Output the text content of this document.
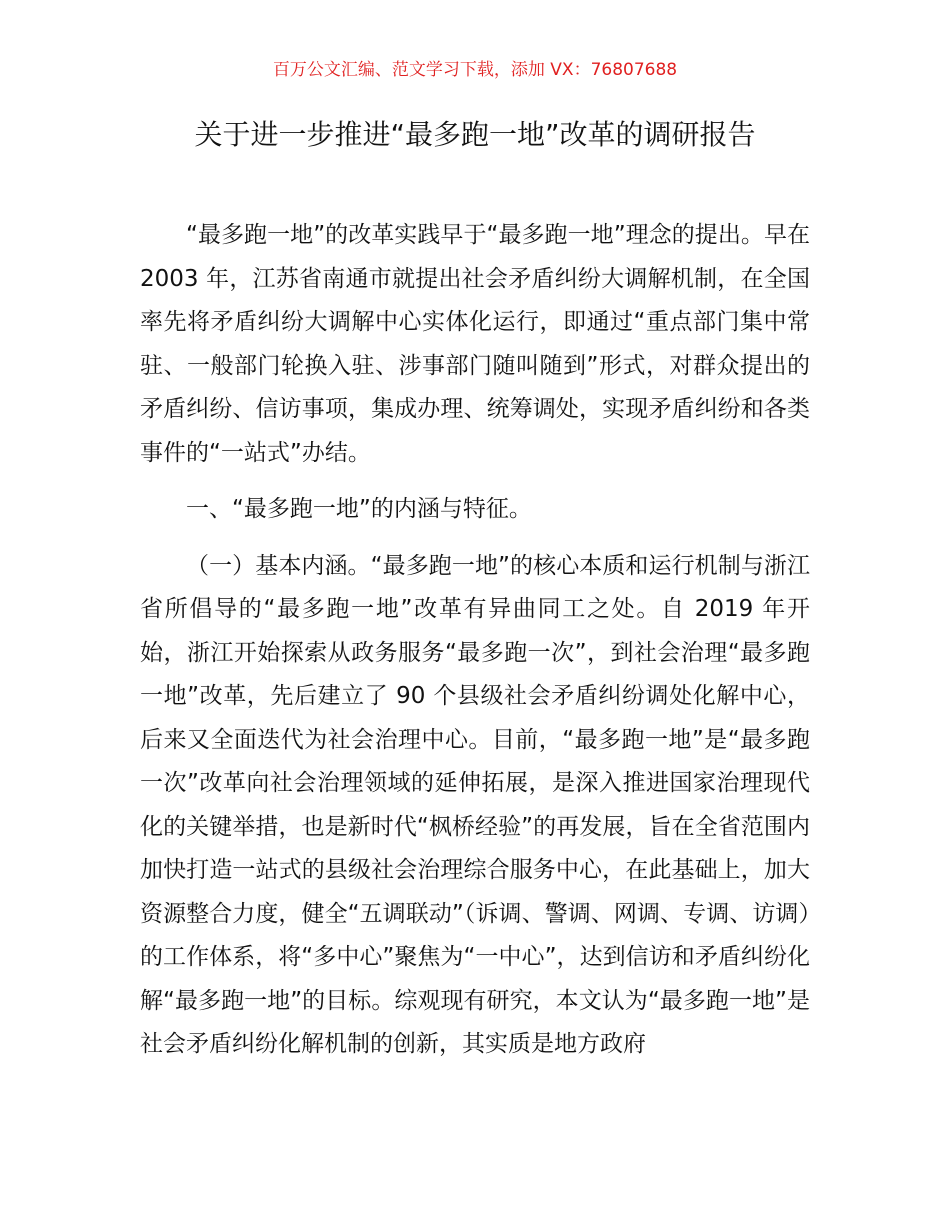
百万公文汇编、范文学习下载，添加 VX：76807688
关于进一步推进“最多跑一地”改革的调研报告

“最多跑一地”的改革实践早于“最多跑一地”理念的提出。早在 2003 年，江苏省南通市就提出社会矛盾纠纷大调解机制，在全国率先将矛盾纠纷大调解中心实体化运行，即通过“重点部门集中常驻、一般部门轮换入驻、涉事部门随叫随到”形式，对群众提出的矛盾纠纷、信访事项，集成办理、统筹调处，实现矛盾纠纷和各类事件的“一站式”办结。

一、“最多跑一地”的内涵与特征。

（一）基本内涵。“最多跑一地”的核心本质和运行机制与浙江省所倡导的“最多跑一地”改革有异曲同工之处。自 2019 年开始，浙江开始探索从政务服务“最多跑一次”，到社会治理“最多跑一地”改革，先后建立了 90 个县级社会矛盾纠纷调处化解中心，后来又全面迭代为社会治理中心。目前，“最多跑一地”是“最多跑一次”改革向社会治理领域的延伸拓展，是深入推进国家治理现代化的关键举措，也是新时代“枫桥经验”的再发展，旨在全省范围内加快打造一站式的县级社会治理综合服务中心，在此基础上，加大资源整合力度，健全“五调联动”（诉调、警调、网调、专调、访调）的工作体系，将“多中心”聚焦为“一中心”，达到信访和矛盾纠纷化解“最多跑一地”的目标。综观现有研究，本文认为“最多跑一地”是社会矛盾纠纷化解机制的创新，其实质是地方政府
